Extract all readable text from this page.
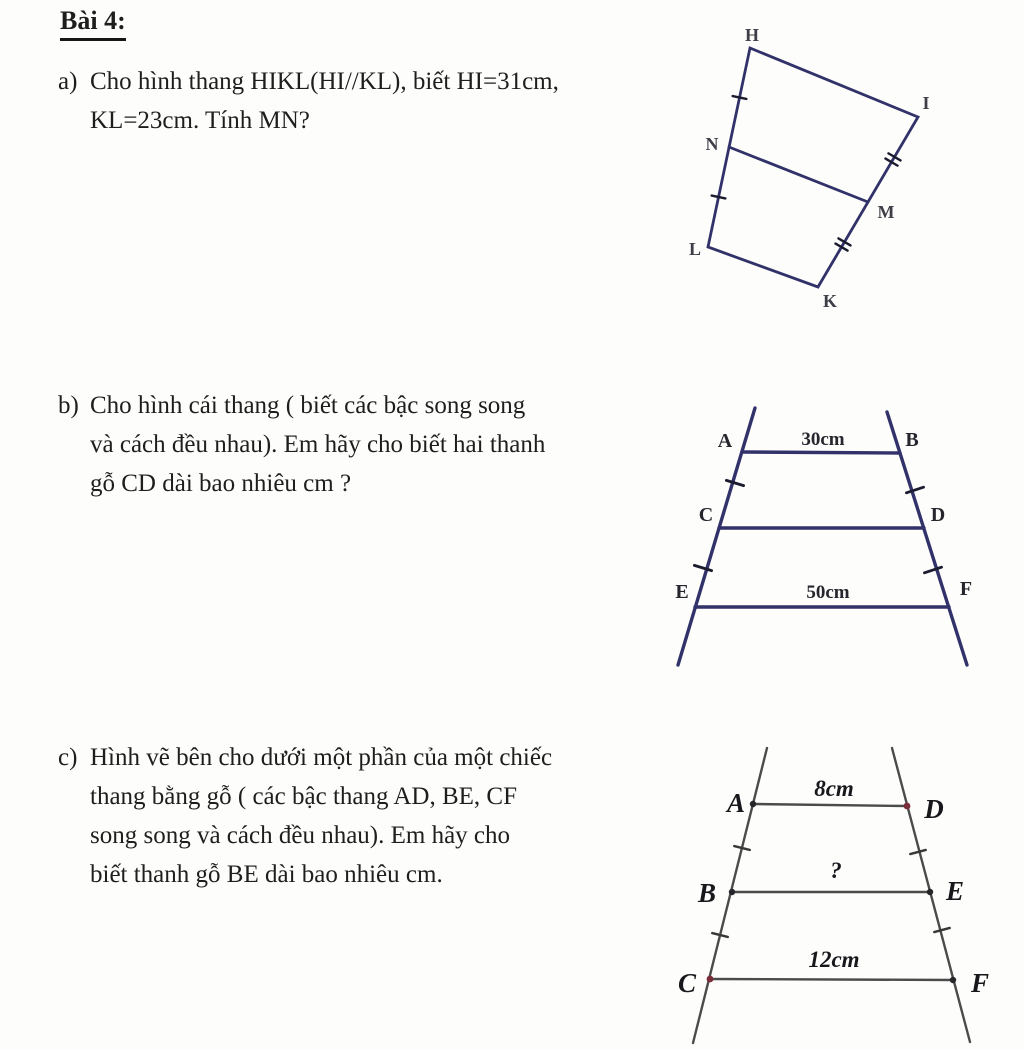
Bài 4:
a) Cho hình thang HIKL(HI//KL), biết HI=31cm,
KL=23cm. Tính MN?
b) Cho hình cái thang ( biết các bậc song song
và cách đều nhau). Em hãy cho biết hai thanh
gỗ CD dài bao nhiêu cm ?
c) Hình vẽ bên cho dưới một phần của một chiếc
thang bằng gỗ ( các bậc thang AD, BE, CF
song song và cách đều nhau). Em hãy cho
biết thanh gỗ BE dài bao nhiêu cm.
H
I
N
M
L
K
A	B
C	D
E	F
30cm
50cm
A	D
B	E
C	F
8cm
?
12cm
